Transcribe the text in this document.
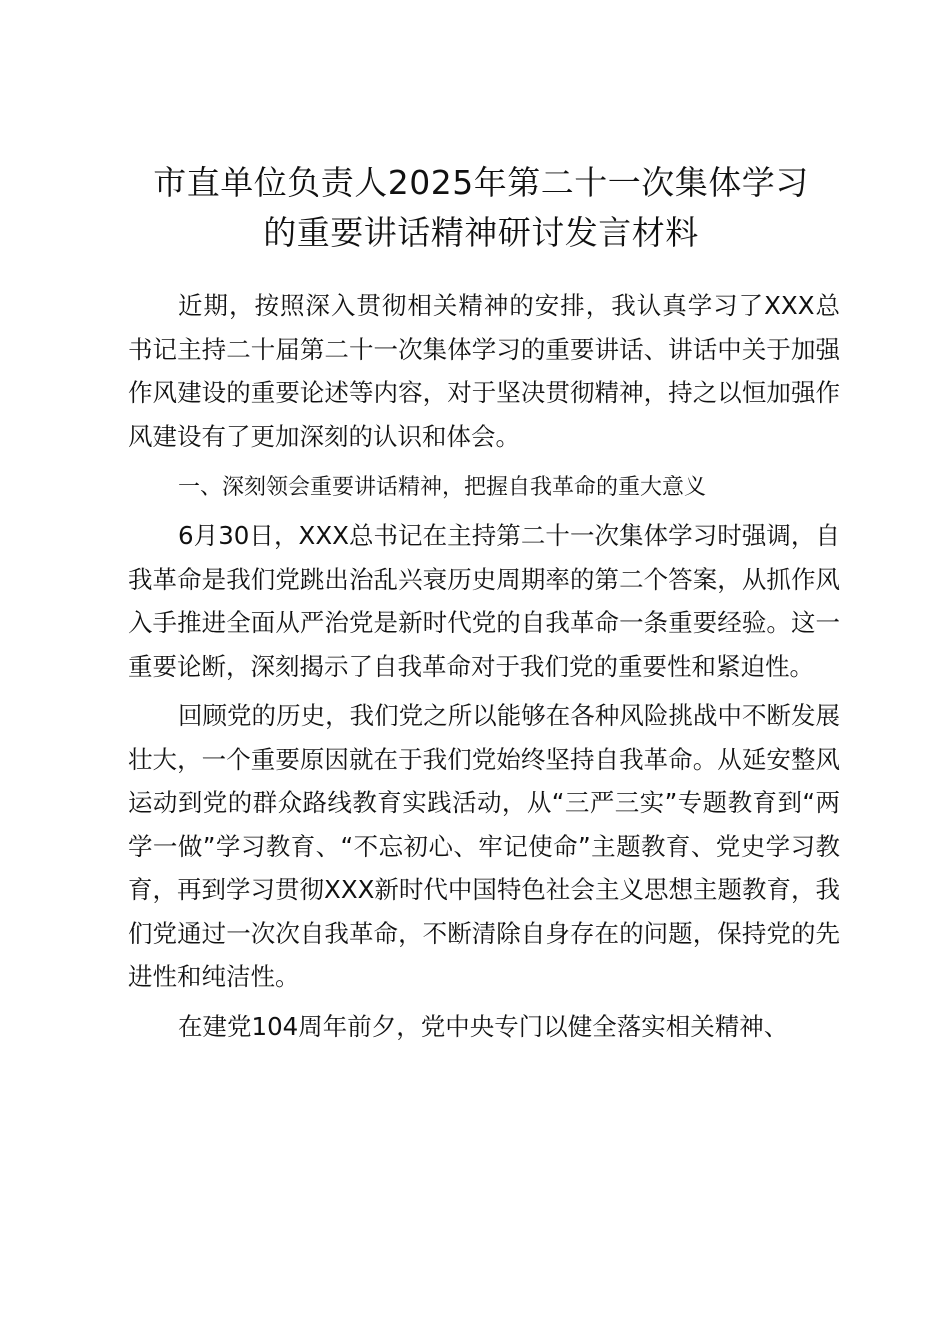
市直单位负责人2025年第二十一次集体学习
的重要讲话精神研讨发言材料

近期，按照深入贯彻相关精神的安排，我认真学习了XXX总书记主持二十届第二十一次集体学习的重要讲话、讲话中关于加强作风建设的重要论述等内容，对于坚决贯彻精神，持之以恒加强作风建设有了更加深刻的认识和体会。

一、深刻领会重要讲话精神，把握自我革命的重大意义

6月30日，XXX总书记在主持第二十一次集体学习时强调，自我革命是我们党跳出治乱兴衰历史周期率的第二个答案，从抓作风入手推进全面从严治党是新时代党的自我革命一条重要经验。这一重要论断，深刻揭示了自我革命对于我们党的重要性和紧迫性。

回顾党的历史，我们党之所以能够在各种风险挑战中不断发展壮大，一个重要原因就在于我们党始终坚持自我革命。从延安整风运动到党的群众路线教育实践活动，从“三严三实”专题教育到“两学一做”学习教育、“不忘初心、牢记使命”主题教育、党史学习教育，再到学习贯彻XXX新时代中国特色社会主义思想主题教育，我们党通过一次次自我革命，不断清除自身存在的问题，保持党的先进性和纯洁性。

在建党104周年前夕，党中央专门以健全落实相关精神、
